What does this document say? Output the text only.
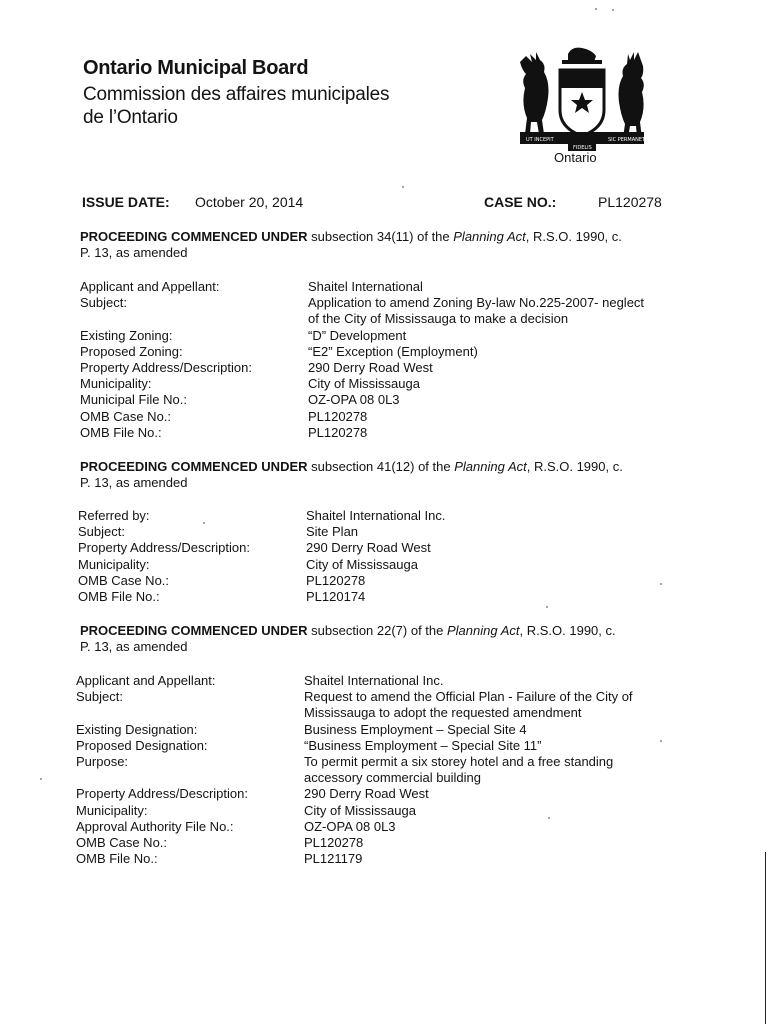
Ontario Municipal Board
Commission des affaires municipales
de l’Ontario
UT INCEPIT	SIC PERMANET
FIDELIS
Ontario
ISSUE DATE: October 20, 2014	CASE NO.:	PL120278
PROCEEDING COMMENCED UNDER subsection 34(11) of the Planning Act, R.S.O. 1990, c.
P. 13, as amended
Applicant and Appellant:	Shaitel International
Subject:	Application to amend Zoning By-law No.225-2007- neglect
of the City of Mississauga to make a decision
Existing Zoning:	“D” Development
Proposed Zoning:	“E2” Exception (Employment)
Property Address/Description:	290 Derry Road West
Municipality:	City of Mississauga
Municipal File No.:	OZ-OPA 08 0L3
OMB Case No.:	PL120278
OMB File No.:	PL120278
PROCEEDING COMMENCED UNDER subsection 41(12) of the Planning Act, R.S.O. 1990, c.
P. 13, as amended
Referred by:	Shaitel International Inc.
Subject:	Site Plan
Property Address/Description:	290 Derry Road West
Municipality:	City of Mississauga
OMB Case No.:	PL120278
OMB File No.:	PL120174
PROCEEDING COMMENCED UNDER subsection 22(7) of the Planning Act, R.S.O. 1990, c.
P. 13, as amended
Applicant and Appellant:	Shaitel International Inc.
Subject:	Request to amend the Official Plan - Failure of the City of
Mississauga to adopt the requested amendment
Existing Designation:	Business Employment – Special Site 4
Proposed Designation:	“Business Employment – Special Site 11”
Purpose:	To permit permit a six storey hotel and a free standing
accessory commercial building
Property Address/Description:	290 Derry Road West
Municipality:	City of Mississauga
Approval Authority File No.:	OZ-OPA 08 0L3
OMB Case No.:	PL120278
OMB File No.:	PL121179
